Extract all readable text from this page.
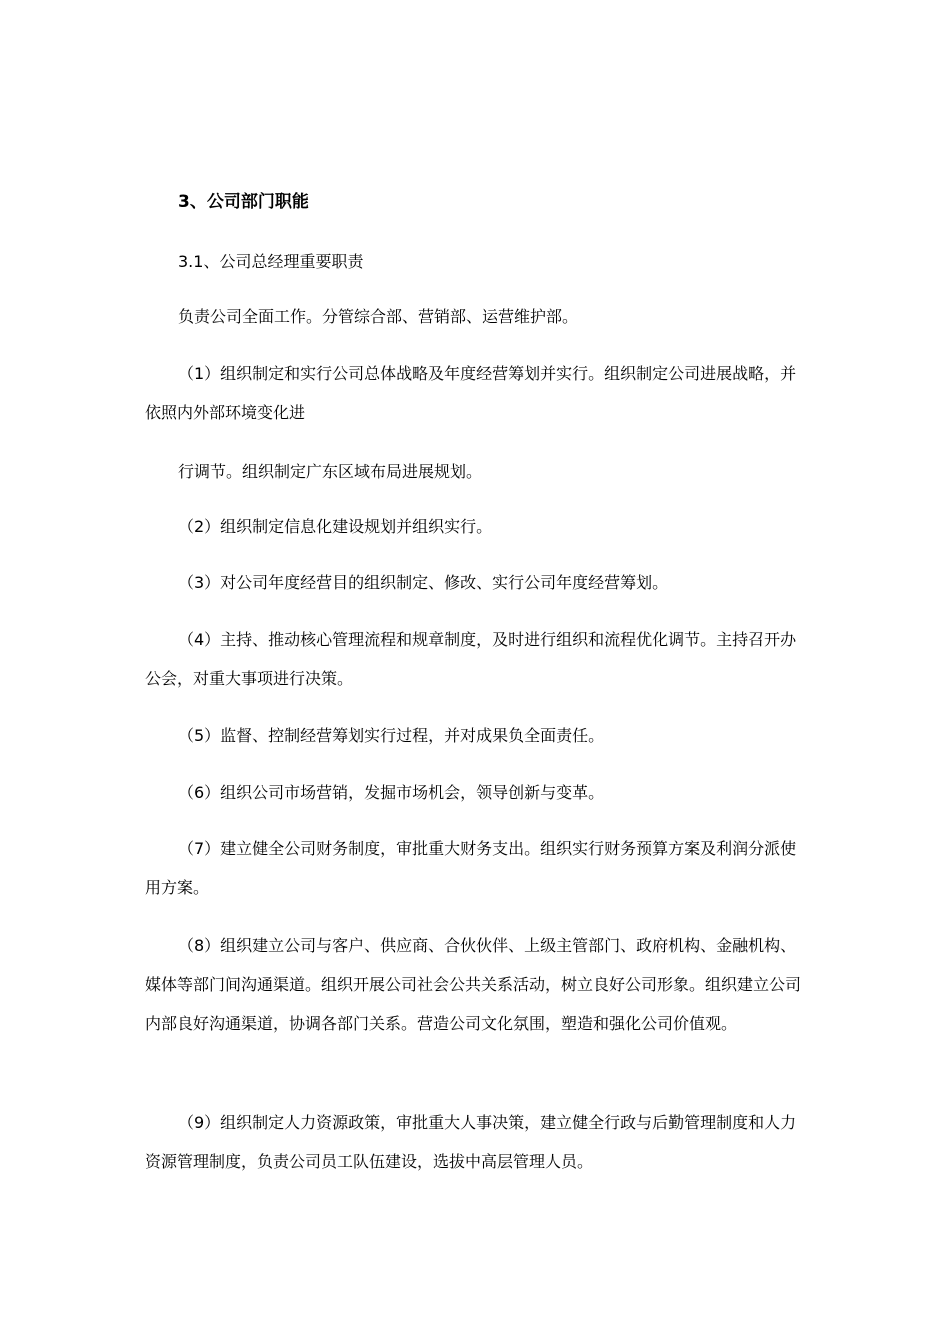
3、公司部门职能
3.1、公司总经理重要职责
负责公司全面工作。分管综合部、营销部、运营维护部。
（1）组织制定和实行公司总体战略及年度经营筹划并实行。组织制定公司进展战略，并依照内外部环境变化进
行调节。组织制定广东区域布局进展规划。
（2）组织制定信息化建设规划并组织实行。
（3）对公司年度经营目的组织制定、修改、实行公司年度经营筹划。
（4）主持、推动核心管理流程和规章制度，及时进行组织和流程优化调节。主持召开办公会，对重大事项进行决策。
（5）监督、控制经营筹划实行过程，并对成果负全面责任。
（6）组织公司市场营销，发掘市场机会，领导创新与变革。
（7）建立健全公司财务制度，审批重大财务支出。组织实行财务预算方案及利润分派使用方案。
（8）组织建立公司与客户、供应商、合伙伙伴、上级主管部门、政府机构、金融机构、媒体等部门间沟通渠道。组织开展公司社会公共关系活动，树立良好公司形象。组织建立公司内部良好沟通渠道，协调各部门关系。营造公司文化氛围，塑造和强化公司价值观。
（9）组织制定人力资源政策，审批重大人事决策，建立健全行政与后勤管理制度和人力资源管理制度，负责公司员工队伍建设，选拔中高层管理人员。
